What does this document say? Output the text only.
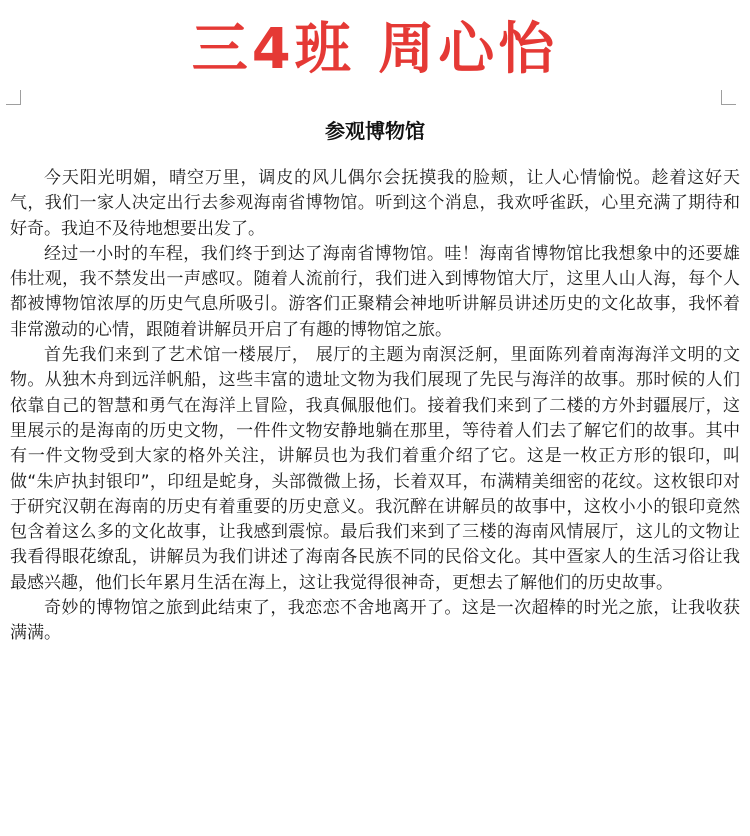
三4班 周心怡
参观博物馆

今天阳光明媚，晴空万里，调皮的风儿偶尔会抚摸我的脸颊，让人心情愉悦。趁着这好天气，我们一家人决定出行去参观海南省博物馆。听到这个消息，我欢呼雀跃，心里充满了期待和好奇。我迫不及待地想要出发了。

经过一小时的车程，我们终于到达了海南省博物馆。哇！海南省博物馆比我想象中的还要雄伟壮观，我不禁发出一声感叹。随着人流前行，我们进入到博物馆大厅，这里人山人海，每个人都被博物馆浓厚的历史气息所吸引。游客们正聚精会神地听讲解员讲述历史的文化故事，我怀着非常激动的心情，跟随着讲解员开启了有趣的博物馆之旅。

首先我们来到了艺术馆一楼展厅， 展厅的主题为南溟泛舸，里面陈列着南海海洋文明的文物。从独木舟到远洋帆船，这些丰富的遗址文物为我们展现了先民与海洋的故事。那时候的人们依靠自己的智慧和勇气在海洋上冒险，我真佩服他们。接着我们来到了二楼的方外封疆展厅，这里展示的是海南的历史文物，一件件文物安静地躺在那里，等待着人们去了解它们的故事。其中有一件文物受到大家的格外关注，讲解员也为我们着重介绍了它。这是一枚正方形的银印，叫做“朱庐执封银印”，印纽是蛇身，头部微微上扬，长着双耳，布满精美细密的花纹。这枚银印对于研究汉朝在海南的历史有着重要的历史意义。我沉醉在讲解员的故事中，这枚小小的银印竟然包含着这么多的文化故事，让我感到震惊。最后我们来到了三楼的海南风情展厅，这儿的文物让我看得眼花缭乱，讲解员为我们讲述了海南各民族不同的民俗文化。其中疍家人的生活习俗让我最感兴趣，他们长年累月生活在海上，这让我觉得很神奇，更想去了解他们的历史故事。

奇妙的博物馆之旅到此结束了，我恋恋不舍地离开了。这是一次超棒的时光之旅，让我收获满满。
